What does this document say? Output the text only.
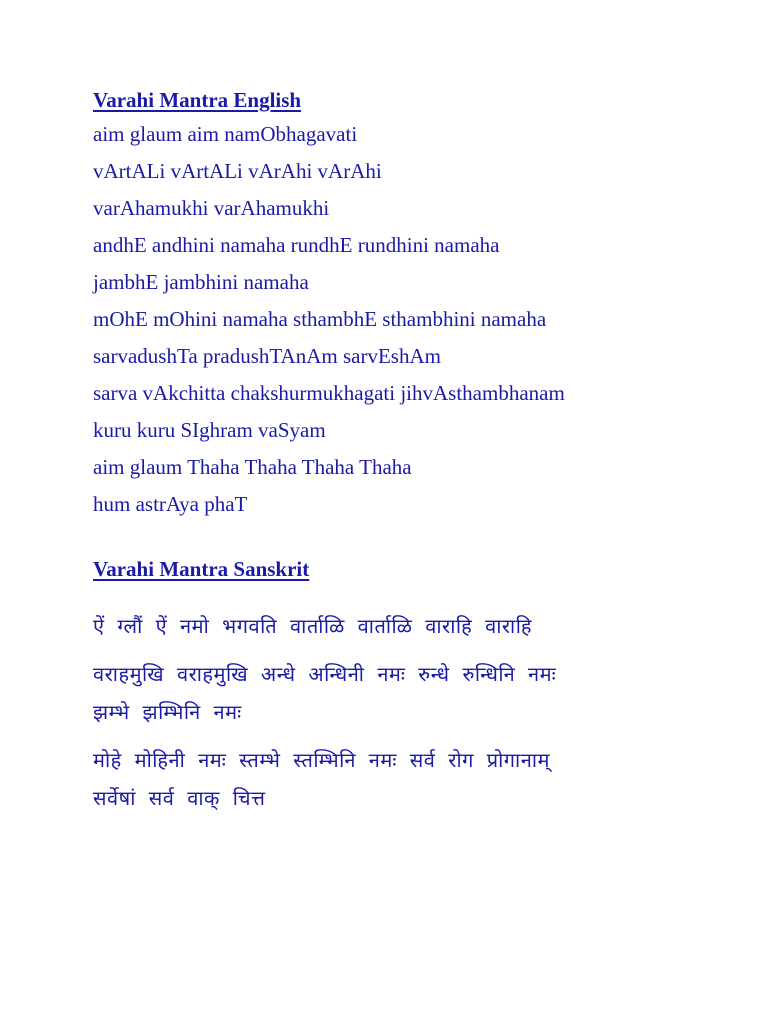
Varahi Mantra English

aim glaum aim namObhagavati

vArtALi vArtALi vArAhi vArAhi

varAhamukhi varAhamukhi

andhE andhini namaha rundhE rundhini namaha

jambhE jambhini namaha

mOhE mOhini namaha sthambhE sthambhini namaha

sarvadushTa pradushTAnAm sarvEshAm

sarva vAkchitta chakshurmukhagati jihvAsthambhanam

kuru kuru SIghram vaSyam

aim glaum Thaha Thaha Thaha Thaha

hum astrAya phaT

Varahi Mantra Sanskrit

ऐं ग्लौं ऐं नमो भगवति वार्ताळि वार्ताळि वाराहि वाराहि

वराहमुखि वराहमुखि अन्धे अन्धिनी नमः रुन्धे रुन्धिनि नमः
झम्भे झम्भिनि नमः

मोहे मोहिनी नमः स्तम्भे स्तम्भिनि नमः सर्व रोग प्रोगानाम्
सर्वेषां सर्व वाक् चित्त
